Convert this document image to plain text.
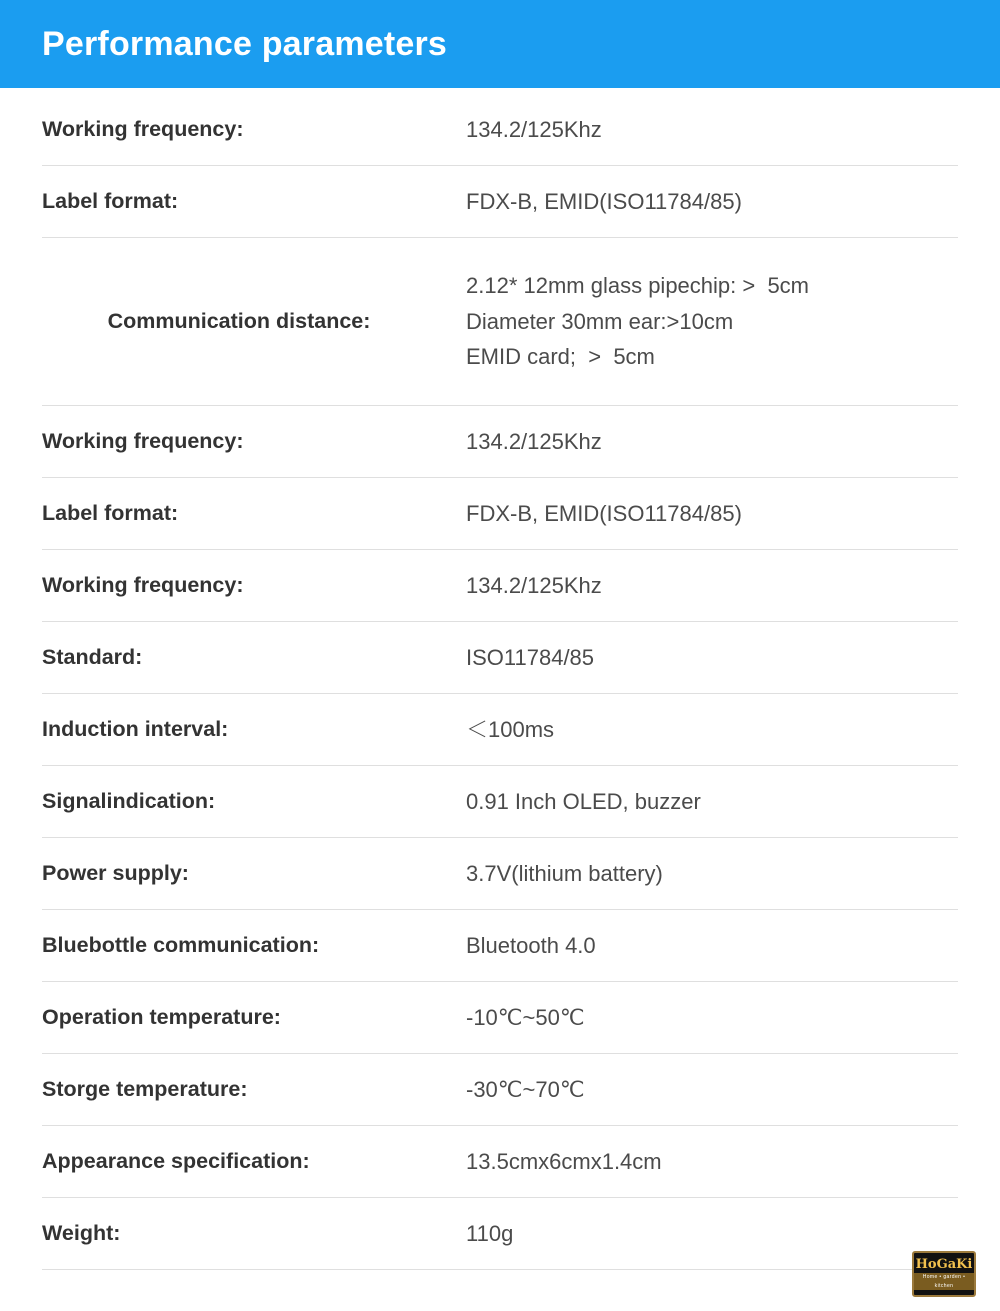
Performance parameters
Working frequency:	134.2/125Khz
Label format:	FDX-B, EMID(ISO11784/85)
Communication distance:
2.12* 12mm glass pipechip: >  5cm
Diameter 30mm ear:>10cm
EMID card;  >  5cm
Working frequency:	134.2/125Khz
Label format:	FDX-B, EMID(ISO11784/85)
Working frequency:	134.2/125Khz
Standard:	ISO11784/85
Induction interval:	＜100ms
Signalindication:	0.91 Inch OLED, buzzer
Power supply:	3.7V(lithium battery)
Bluebottle communication:	Bluetooth 4.0
Operation temperature:	-10℃~50℃
Storge temperature:	-30℃~70℃
Appearance specification:	13.5cmx6cmx1.4cm
Weight:	110g
HoGaKi
Home • garden • kitchen
